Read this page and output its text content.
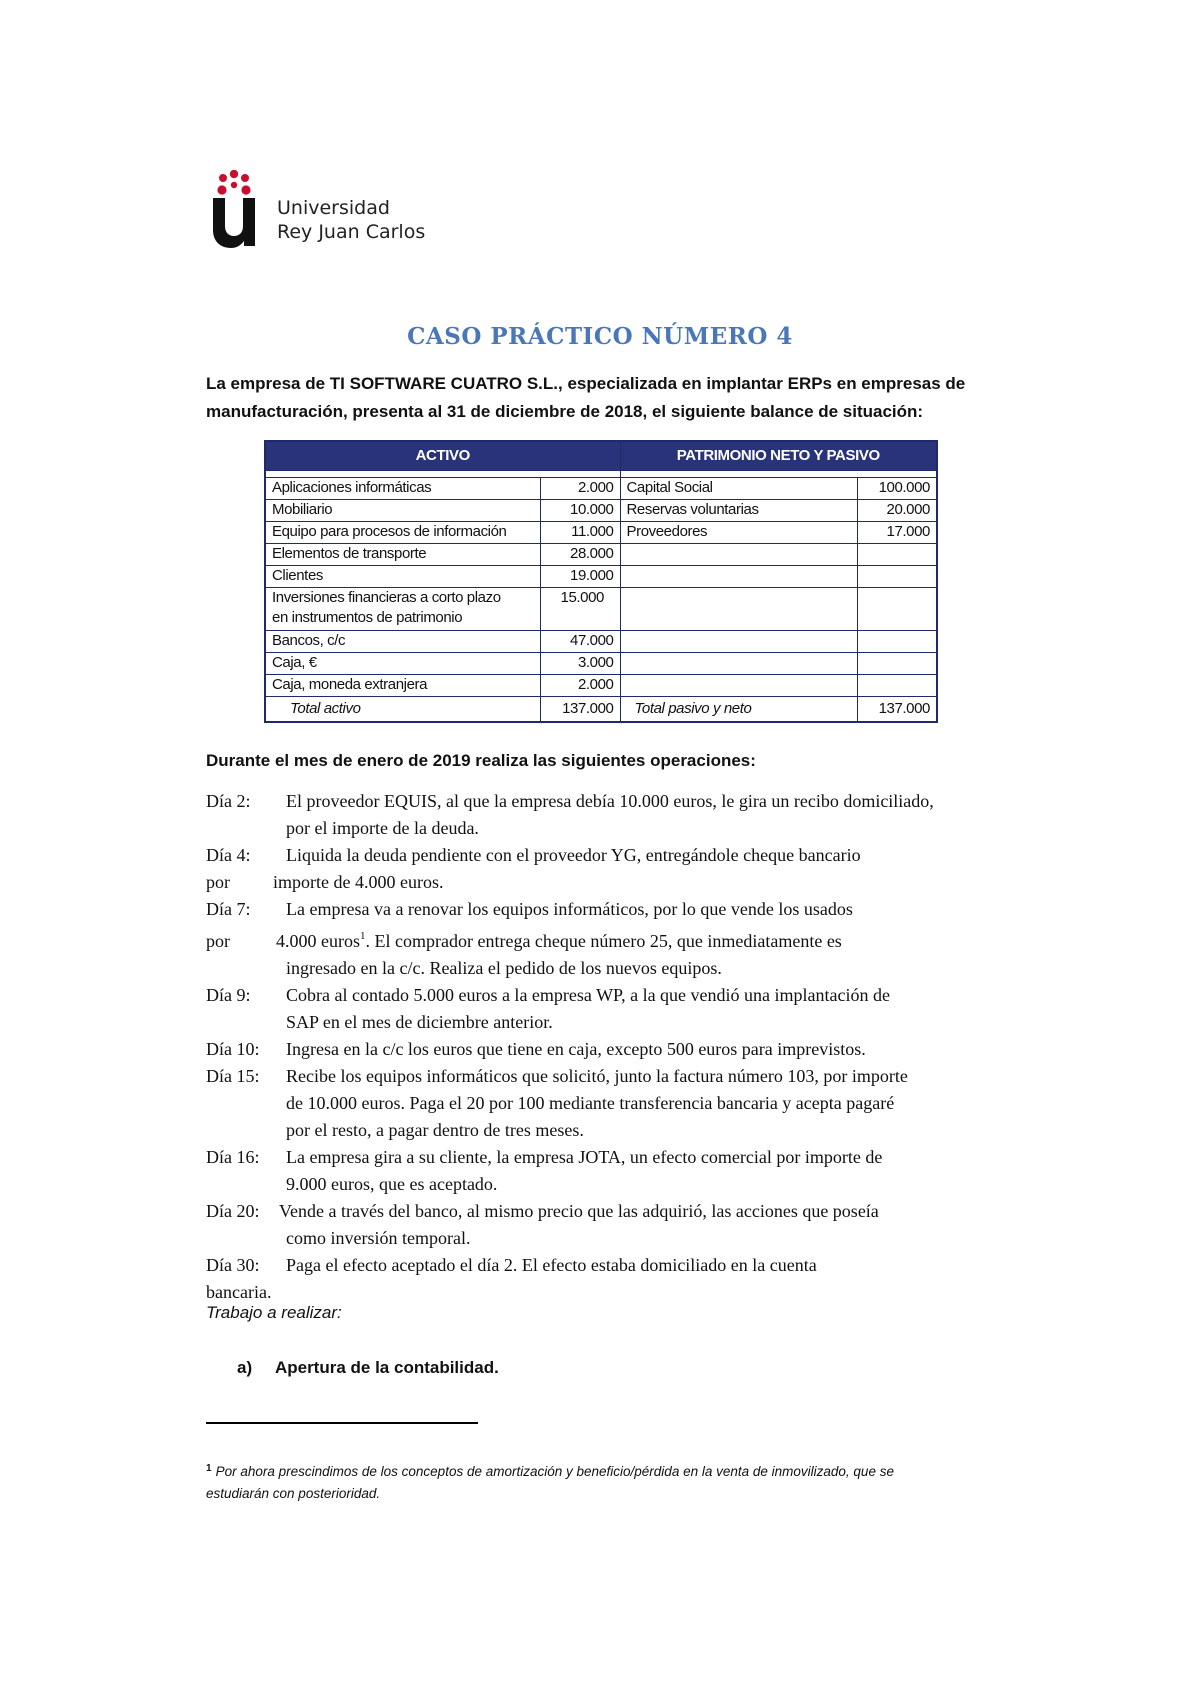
Universidad
Rey Juan Carlos
CASO PRÁCTICO NÚMERO 4

La empresa de TI SOFTWARE CUATRO S.L., especializada en implantar ERPs en empresas de

manufacturación, presenta al 31 de diciembre de 2018, el siguiente balance de situación:

ACTIVO		PATRIMONIO NETO Y PASIVO	

Aplicaciones informáticas	2.000	Capital Social	100.000
Mobiliario	10.000	Reservas voluntarias	20.000
Equipo para procesos de información	11.000	Proveedores	17.000
Elementos de transporte	28.000		
Clientes	19.000		

Inversiones financieras a corto plazo
en instrumentos de patrimonio	15.000		
Bancos, c/c	47.000		
Caja, €	3.000		
Caja, moneda extranjera	2.000		
Total activo	137.000	Total pasivo y neto	137.000
Durante el mes de enero de 2019 realiza las siguientes operaciones:
Día 2: El proveedor EQUIS, al que la empresa debía 10.000 euros, le gira un recibo domiciliado,
por el importe de la deuda.
Día 4: Liquida la deuda pendiente con el proveedor YG, entregándole cheque bancario
por importe de 4.000 euros.
Día 7: La empresa va a renovar los equipos informáticos, por lo que vende los usados
por	4.000 euros$^1$. El comprador entrega cheque número 25, que inmediatamente es
ingresado en la c/c. Realiza el pedido de los nuevos equipos.
Día 9: Cobra al contado 5.000 euros a la empresa WP, a la que vendió una implantación de
SAP en el mes de diciembre anterior.
Día 10: Ingresa en la c/c los euros que tiene en caja, excepto 500 euros para imprevistos.
Día 15: Recibe los equipos informáticos que solicitó, junto la factura número 103, por importe
de 10.000 euros. Paga el 20 por 100 mediante transferencia bancaria y acepta pagaré
por el resto, a pagar dentro de tres meses.
Día 16: La empresa gira a su cliente, la empresa JOTA, un efecto comercial por importe de
9.000 euros, que es aceptado.
Día 20: Vende a través del banco, al mismo precio que las adquirió, las acciones que poseía
como inversión temporal.
Día 30: Paga el efecto aceptado el día 2. El efecto estaba domiciliado en la cuenta
bancaria.
Trabajo a realizar:
a) Apertura de la contabilidad.
$^1$ Por ahora prescindimos de los conceptos de amortización y beneficio/pérdida en la venta de inmovilizado, que se
estudiarán con posterioridad.
